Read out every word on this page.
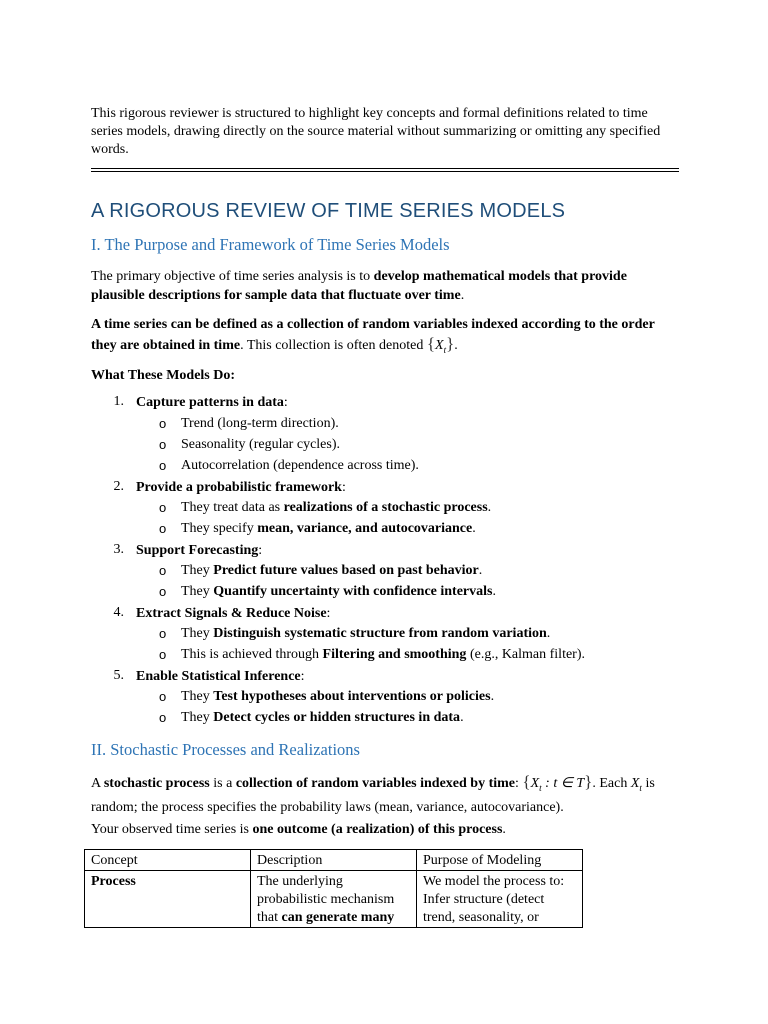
This rigorous reviewer is structured to highlight key concepts and formal definitions related to time series models, drawing directly on the source material without summarizing or omitting any specified words.

A RIGOROUS REVIEW OF TIME SERIES MODELS
I. The Purpose and Framework of Time Series Models

The primary objective of time series analysis is to develop mathematical models that provide plausible descriptions for sample data that fluctuate over time.

A time series can be defined as a collection of random variables indexed according to the order they are obtained in time. This collection is often denoted $\{X_t\}$.

What These Models Do:

1. Capture patterns in data:

o Trend (long-term direction).

o Seasonality (regular cycles).

o Autocorrelation (dependence across time).

2. Provide a probabilistic framework:

o They treat data as realizations of a stochastic process.

o They specify mean, variance, and autocovariance.

3. Support Forecasting:

o They Predict future values based on past behavior.

o They Quantify uncertainty with confidence intervals.

4. Extract Signals & Reduce Noise:

o They Distinguish systematic structure from random variation.

o This is achieved through Filtering and smoothing (e.g., Kalman filter).

5. Enable Statistical Inference:

o They Test hypotheses about interventions or policies.

o They Detect cycles or hidden structures in data.

II. Stochastic Processes and Realizations

A stochastic process is a collection of random variables indexed by time: {$X_t$ : t ∈ T}. Each $X_t$ is random; the process specifies the probability laws (mean, variance, autocovariance).

Your observed time series is one outcome (a realization) of this process.

Concept	Description	Purpose of Modeling
Process	The underlying probabilistic mechanism that can generate many	We model the process to: Infer structure (detect trend, seasonality, or
